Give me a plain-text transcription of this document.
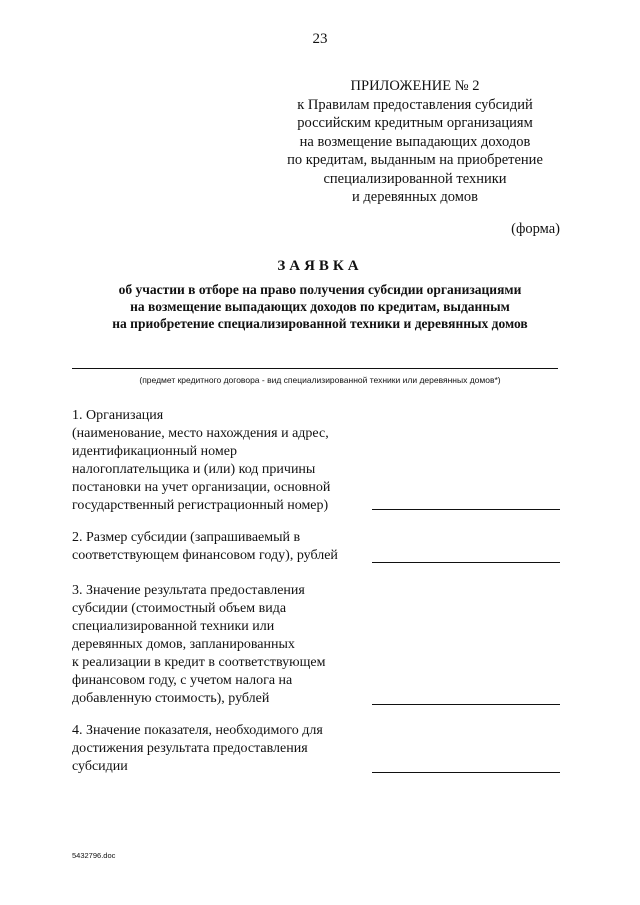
23
ПРИЛОЖЕНИЕ № 2
к Правилам предоставления субсидий
российским кредитным организациям
на возмещение выпадающих доходов
по кредитам, выданным на приобретение
специализированной техники
и деревянных домов
(форма)
ЗАЯВКА
об участии в отборе на право получения субсидии организациями
на возмещение выпадающих доходов по кредитам, выданным
на приобретение специализированной техники и деревянных домов
(предмет кредитного договора - вид специализированной техники или деревянных домов*)
1. Организация
(наименование, место нахождения и адрес,
идентификационный номер
налогоплательщика и (или) код причины
постановки на учет организации, основной
государственный регистрационный номер)
2. Размер субсидии (запрашиваемый в
соответствующем финансовом году), рублей
3. Значение результата предоставления
субсидии (стоимостный объем вида
специализированной техники или
деревянных домов, запланированных
к реализации в кредит в соответствующем
финансовом году, с учетом налога на
добавленную стоимость), рублей
4. Значение показателя, необходимого для
достижения результата предоставления
субсидии
5432796.doc
